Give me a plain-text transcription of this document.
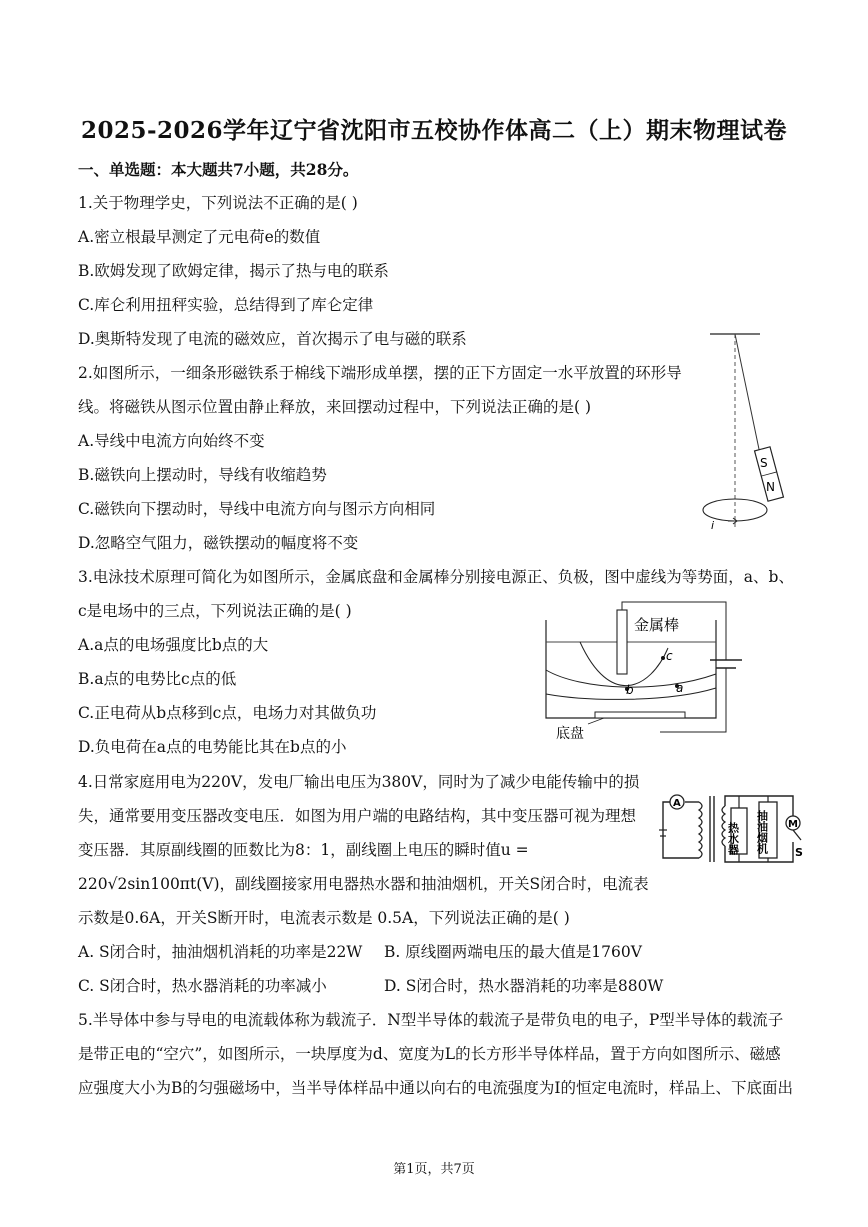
2025-2026学年辽宁省沈阳市五校协作体高二（上）期末物理试卷
一、单选题：本大题共7小题，共28分。
1.关于物理学史，下列说法不正确的是( )
A.密立根最早测定了元电荷e的数值
B.欧姆发现了欧姆定律，揭示了热与电的联系
C.库仑利用扭秤实验，总结得到了库仑定律
D.奥斯特发现了电流的磁效应，首次揭示了电与磁的联系
2.如图所示，一细条形磁铁系于棉线下端形成单摆，摆的正下方固定一水平放置的环形导
线。将磁铁从图示位置由静止释放，来回摆动过程中，下列说法正确的是( )
A.导线中电流方向始终不变
B.磁铁向上摆动时，导线有收缩趋势
C.磁铁向下摆动时，导线中电流方向与图示方向相同
D.忽略空气阻力，磁铁摆动的幅度将不变
S
N
i
3.电泳技术原理可简化为如图所示，金属底盘和金属棒分别接电源正、负极，图中虚线为等势面，a、b、
c是电场中的三点，下列说法正确的是( )
A.a点的电场强度比b点的大
B.a点的电势比c点的低
C.正电荷从b点移到c点，电场力对其做负功
D.负电荷在a点的电势能比其在b点的小
金属棒
底盘
b	a
c
4.日常家庭用电为220V，发电厂输出电压为380V，同时为了减少电能传输中的损
失，通常要用变压器改变电压．如图为用户端的电路结构，其中变压器可视为理想
变压器．其原副线圈的匝数比为8：1，副线圈上电压的瞬时值u =
220√2sin100πt(V)，副线圈接家用电器热水器和抽油烟机，开关S闭合时，电流表
示数是0.6A，开关S断开时，电流表示数是 0.5A，下列说法正确的是( )
A. S闭合时，抽油烟机消耗的功率是22W B. 原线圈两端电压的最大值是1760V
C. S闭合时，热水器消耗的功率减小	D. S闭合时，热水器消耗的功率是880W
A
热水器 抽油烟机 M
S
5.半导体中参与导电的电流载体称为载流子．N型半导体的载流子是带负电的电子，P型半导体的载流子
是带正电的“空穴”，如图所示，一块厚度为d、宽度为L的长方形半导体样品，置于方向如图所示、磁感
应强度大小为B的匀强磁场中，当半导体样品中通以向右的电流强度为I的恒定电流时，样品上、下底面出
第1页，共7页
